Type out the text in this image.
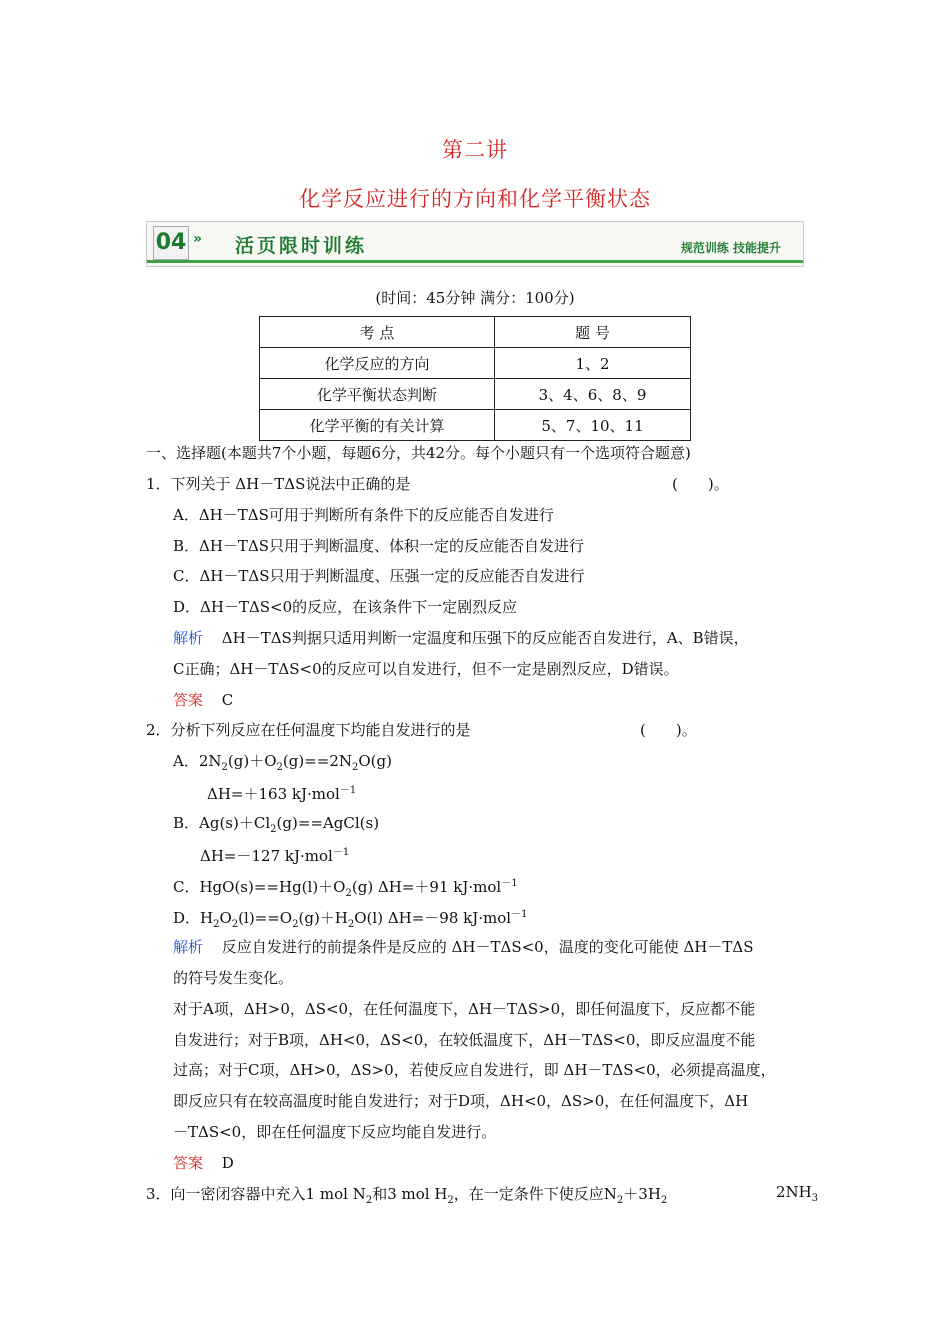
第二讲
化学反应进行的方向和化学平衡状态
04 » 活页限时训练	规范训练 技能提升
(时间：45分钟 满分：100分)
考 点	题 号
化学反应的方向	1、2
化学平衡状态判断	3、4、6、8、9
化学平衡的有关计算	5、7、10、11
一、选择题(本题共7个小题，每题6分，共42分。每个小题只有一个选项符合题意)
1．下列关于 ΔH－TΔS说法中正确的是	(　　)。
A．ΔH－TΔS可用于判断所有条件下的反应能否自发进行
B．ΔH－TΔS只用于判断温度、体积一定的反应能否自发进行
C．ΔH－TΔS只用于判断温度、压强一定的反应能否自发进行
D．ΔH－TΔS<0的反应，在该条件下一定剧烈反应
解析 ΔH－TΔS判据只适用判断一定温度和压强下的反应能否自发进行，A、B错误，
C正确；ΔH－TΔS<0的反应可以自发进行，但不一定是剧烈反应，D错误。
答案 C
2．分析下列反应在任何温度下均能自发进行的是	(　　)。
A．$2N_2(g)+O_2(g)==2N_2O(g)$
ΔH=＋163 kJ·mol$^{-1}$
B．$Ag(s)+Cl_2(g)==AgCl(s)$
ΔH=－127 kJ·mol$^{-1}$
C．$HgO(s)==Hg(l)+O_2(g)$ ΔH=＋91 kJ·mol$^{-1}$
D．$H_2O_2(l)==O_2(g)+H_2O(l)$ ΔH=－98 kJ·mol$^{-1}$
解析 反应自发进行的前提条件是反应的 ΔH－TΔS<0，温度的变化可能使 ΔH－TΔS
的符号发生变化。
对于A项，ΔH>0，ΔS<0，在任何温度下，ΔH－TΔS>0，即任何温度下，反应都不能
自发进行；对于B项，ΔH<0，ΔS<0，在较低温度下，ΔH－TΔS<0，即反应温度不能
过高；对于C项，ΔH>0，ΔS>0，若使反应自发进行，即 ΔH－TΔS<0，必须提高温度，
即反应只有在较高温度时能自发进行；对于D项，ΔH<0，ΔS>0，在任何温度下，ΔH
－TΔS<0，即在任何温度下反应均能自发进行。
答案 D
3．向一密闭容器中充入1 mol $N_2$和3 mol $H_2$，在一定条件下使反应$N_2+3H_2$	$2NH_3$
